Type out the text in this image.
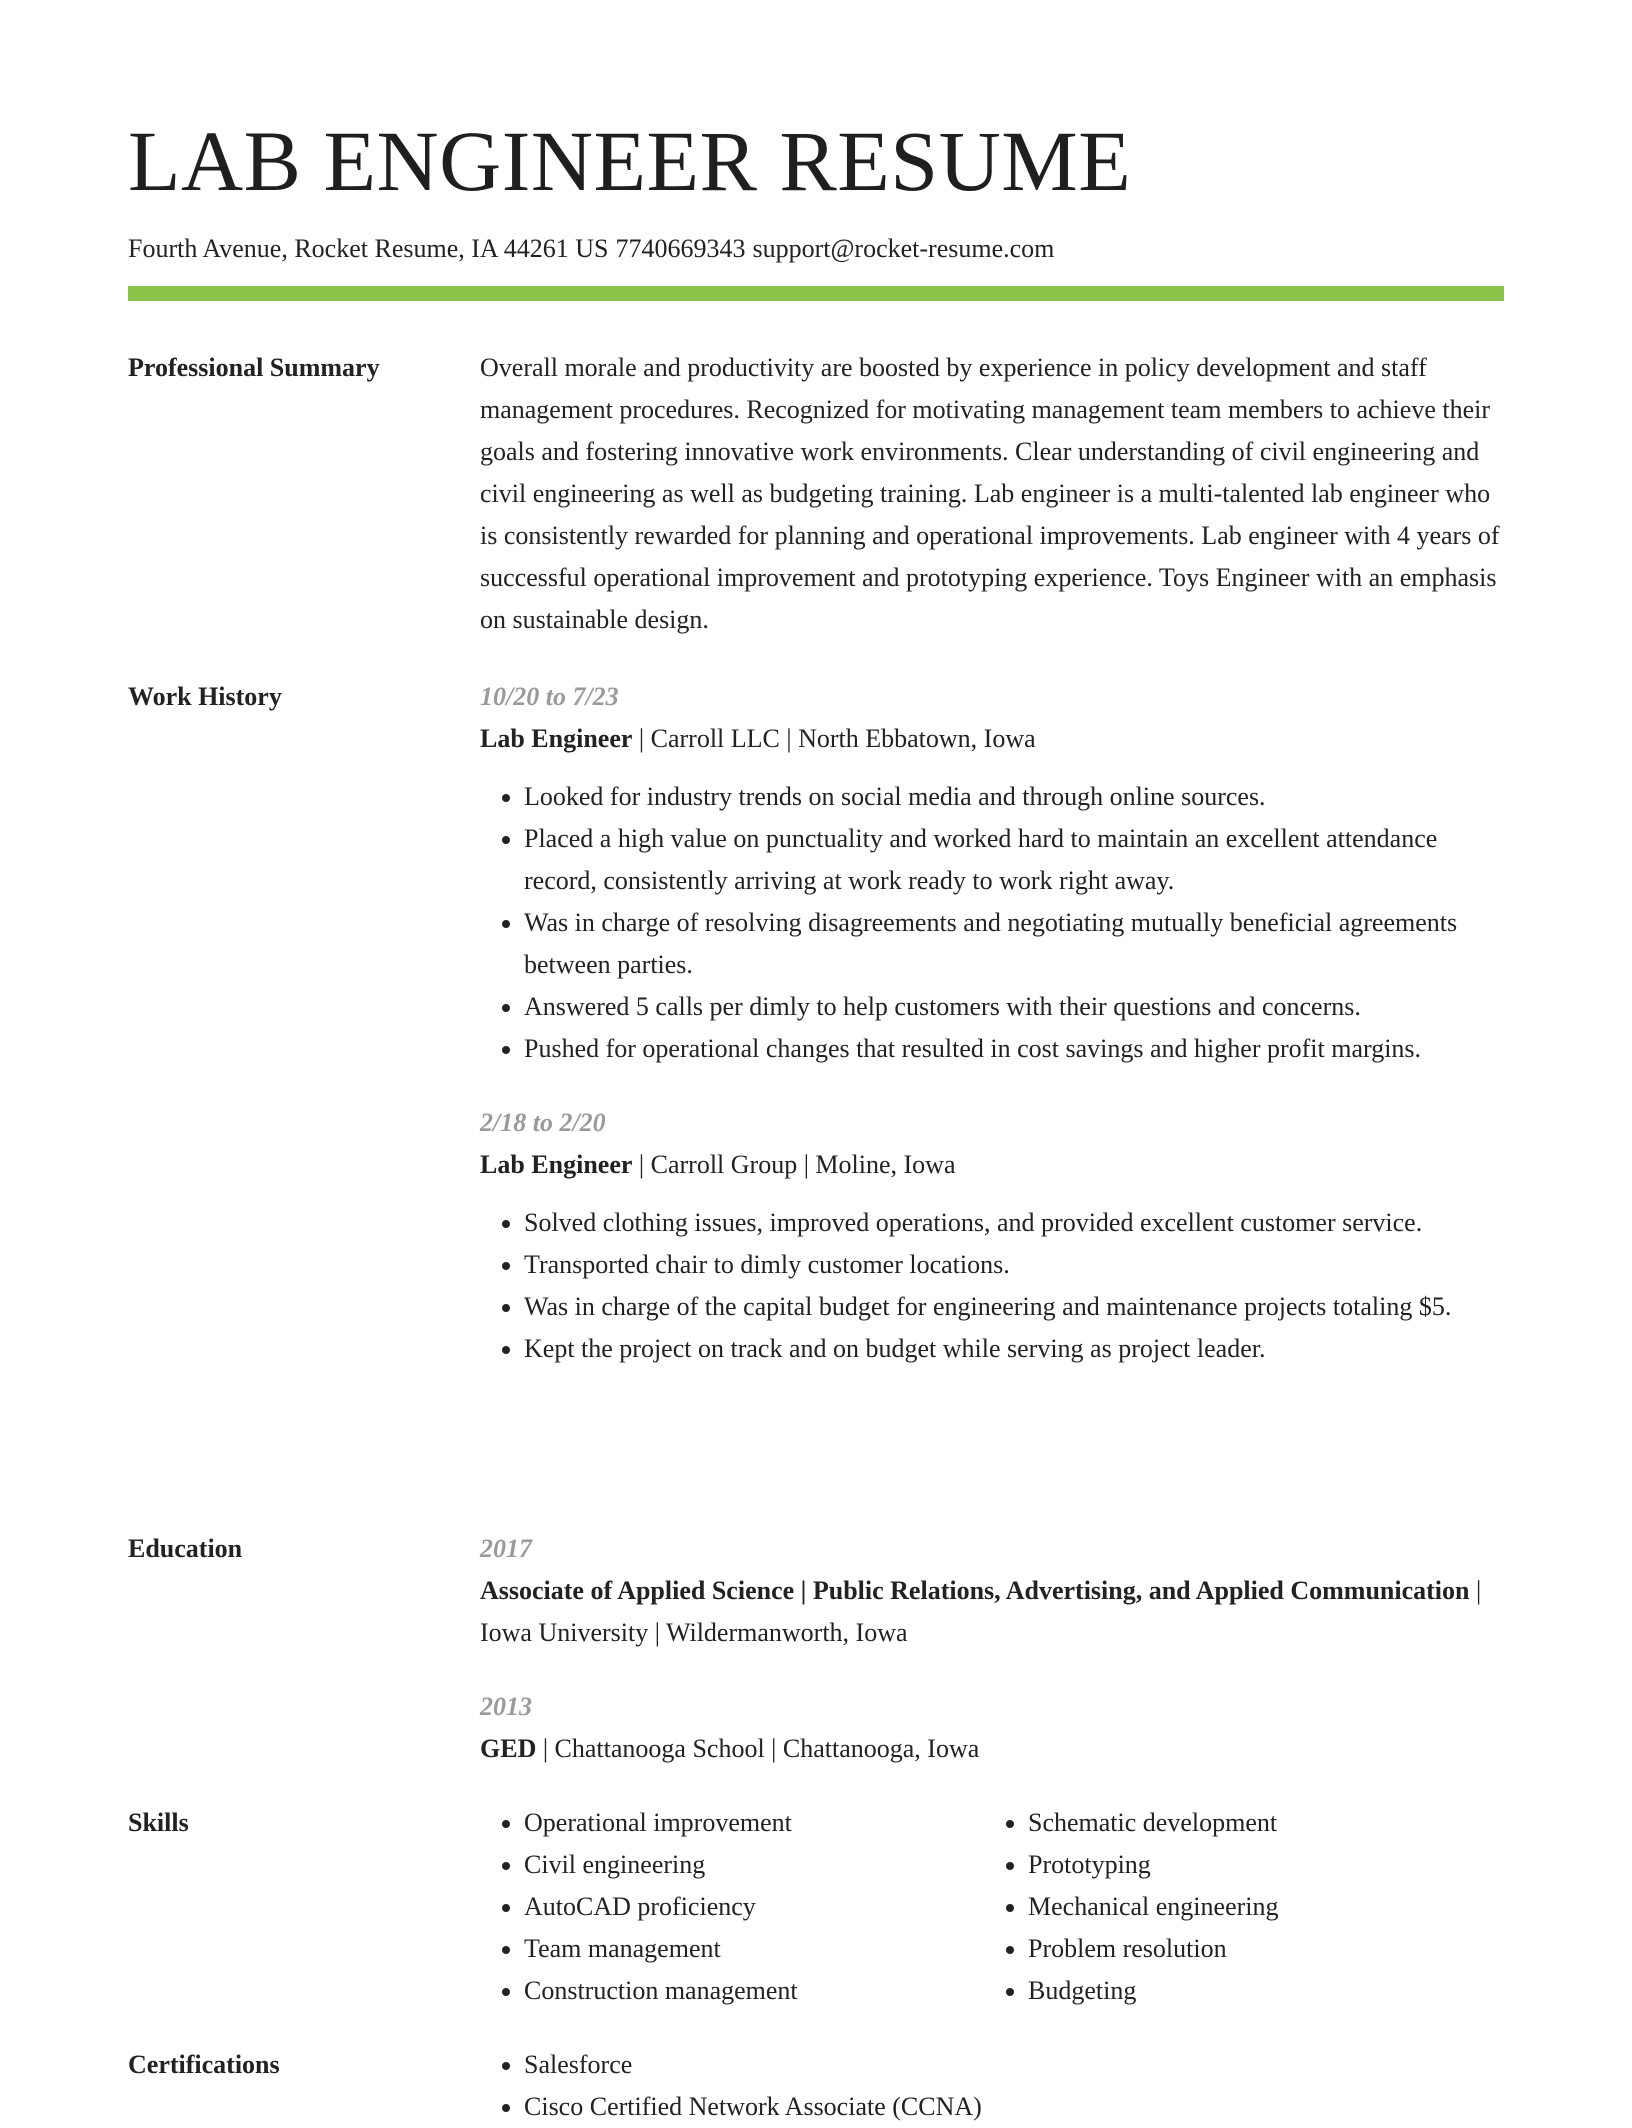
LAB ENGINEER RESUME
Fourth Avenue, Rocket Resume, IA 44261 US 7740669343 support@rocket-resume.com
Professional Summary	Overall morale and productivity are boosted by experience in policy development and staff management procedures. Recognized for motivating management team members to achieve their goals and fostering innovative work environments. Clear understanding of civil engineering and civil engineering as well as budgeting training. Lab engineer is a multi-talented lab engineer who is consistently rewarded for planning and operational improvements. Lab engineer with 4 years of successful operational improvement and prototyping experience. Toys Engineer with an emphasis on sustainable design.

Work History	10/20 to 7/23
Lab Engineer | Carroll LLC | North Ebbatown, Iowa
• Looked for industry trends on social media and through online sources.
• Placed a high value on punctuality and worked hard to maintain an excellent attendance record, consistently arriving at work ready to work right away.
• Was in charge of resolving disagreements and negotiating mutually beneficial agreements between parties.
• Answered 5 calls per dimly to help customers with their questions and concerns.
• Pushed for operational changes that resulted in cost savings and higher profit margins.
2/18 to 2/20
Lab Engineer | Carroll Group | Moline, Iowa
• Solved clothing issues, improved operations, and provided excellent customer service.
• Transported chair to dimly customer locations.
• Was in charge of the capital budget for engineering and maintenance projects totaling $5.
• Kept the project on track and on budget while serving as project leader.
Education	2017
Associate of Applied Science | Public Relations, Advertising, and Applied Communication | Iowa University | Wildermanworth, Iowa
2013
GED | Chattanooga School | Chattanooga, Iowa
Skills	• Operational improvement
• Civil engineering
• AutoCAD proficiency
• Team management
• Construction management
• Schematic development
• Prototyping
• Mechanical engineering
• Problem resolution
• Budgeting
Certifications	• Salesforce
• Cisco Certified Network Associate (CCNA)
